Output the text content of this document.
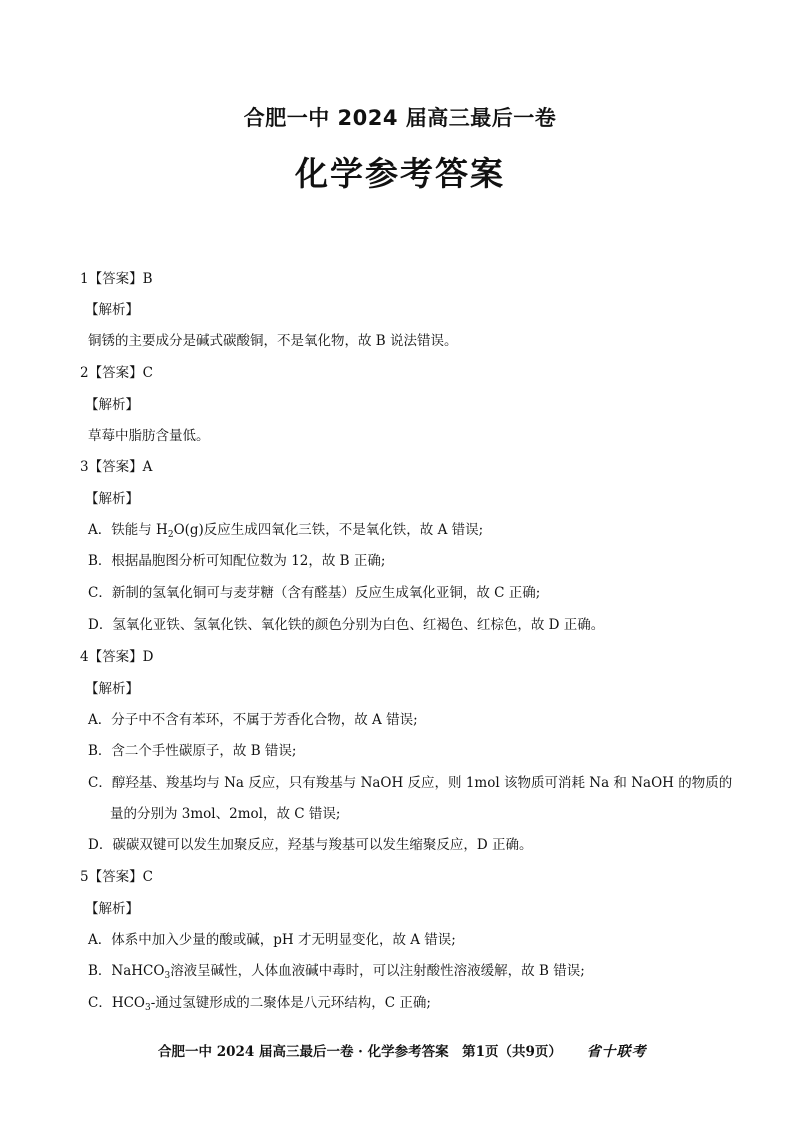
合肥一中 2024 届高三最后一卷
化学参考答案
1【答案】B
【解析】
铜锈的主要成分是碱式碳酸铜，不是氧化物，故 B 说法错误。
2【答案】C
【解析】
草莓中脂肪含量低。
3【答案】A
【解析】
A．铁能与 $H_2O(g)$反应生成四氧化三铁，不是氧化铁，故 A 错误;
B．根据晶胞图分析可知配位数为 12，故 B 正确;
C．新制的氢氧化铜可与麦芽糖（含有醛基）反应生成氧化亚铜，故 C 正确;
D．氢氧化亚铁、氢氧化铁、氧化铁的颜色分别为白色、红褐色、红棕色，故 D 正确。
4【答案】D
【解析】
A．分子中不含有苯环，不属于芳香化合物，故 A 错误;
B．含二个手性碳原子，故 B 错误;
C．醇羟基、羧基均与 Na 反应，只有羧基与 NaOH 反应，则 1mol 该物质可消耗 Na 和 NaOH 的物质的
量的分别为 3mol、2mol，故 C 错误;
D．碳碳双键可以发生加聚反应，羟基与羧基可以发生缩聚反应，D 正确。
5【答案】C
【解析】
A．体系中加入少量的酸或碱，pH 才无明显变化，故 A 错误;
B．NaHCO$_3$溶液呈碱性，人体血液碱中毒时，可以注射酸性溶液缓解，故 B 错误;
C．$HCO_3-$通过氢键形成的二聚体是八元环结构，C 正确;
合肥一中 2024 届高三最后一卷 · 化学参考答案　第1页（共9页） 省十联考
